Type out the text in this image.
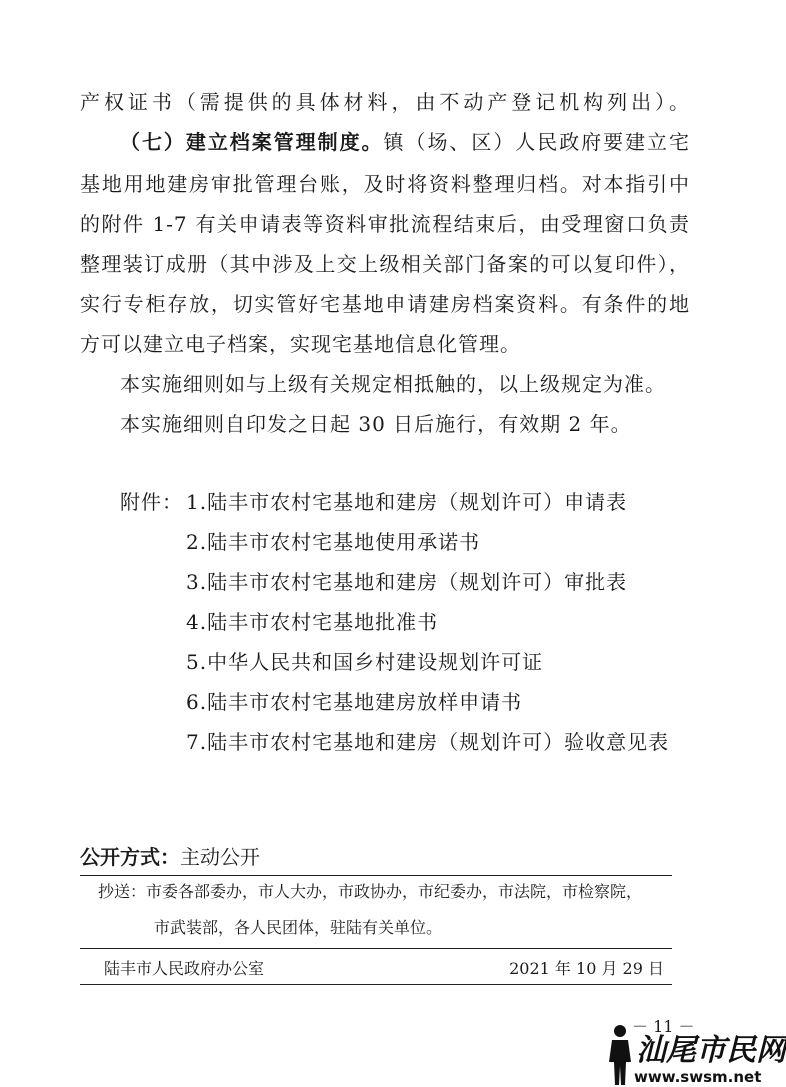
产权证书（需提供的具体材料，由不动产登记机构列出）。
（七）建立档案管理制度。镇（场、区）人民政府要建立宅
基地用地建房审批管理台账，及时将资料整理归档。对本指引中
的附件 1-7 有关申请表等资料审批流程结束后，由受理窗口负责
整理装订成册（其中涉及上交上级相关部门备案的可以复印件），
实行专柜存放，切实管好宅基地申请建房档案资料。有条件的地
方可以建立电子档案，实现宅基地信息化管理。
本实施细则如与上级有关规定相抵触的，以上级规定为准。
本实施细则自印发之日起 30 日后施行，有效期 2 年。
附件： 1.陆丰市农村宅基地和建房（规划许可）申请表
2.陆丰市农村宅基地使用承诺书
3.陆丰市农村宅基地和建房（规划许可）审批表
4.陆丰市农村宅基地批准书
5.中华人民共和国乡村建设规划许可证
6.陆丰市农村宅基地建房放样申请书
7.陆丰市农村宅基地和建房（规划许可）验收意见表
公开方式：主动公开
抄送：市委各部委办，市人大办，市政协办，市纪委办，市法院，市检察院，
市武装部，各人民团体，驻陆有关单位。
陆丰市人民政府办公室	2021 年 10 月 29 日
－ 11 －
汕尾市民网
www.swsm.net
